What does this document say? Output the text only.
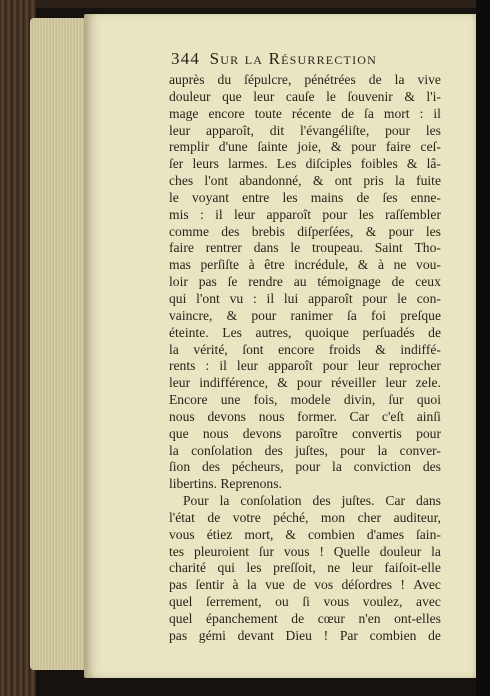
344 Sur la Résurrection
auprès du ſépulcre, pénétrées de la vive
douleur que leur cauſe le ſouvenir & l'i-
mage encore toute récente de ſa mort : il
leur apparoît, dit l'évangéliſte, pour les
remplir d'une ſainte joie, & pour faire ceſ-
ſer leurs larmes. Les diſciples foibles & lâ-
ches l'ont abandonné, & ont pris la fuite
le voyant entre les mains de ſes enne-
mis : il leur apparoît pour les raſſembler
comme des brebis diſperſées, & pour les
faire rentrer dans le troupeau. Saint Tho-
mas perſiſte à être incrédule, & à ne vou-
loir pas ſe rendre au témoignage de ceux
qui l'ont vu : il lui apparoît pour le con-
vaincre, & pour ranimer ſa foi preſque
éteinte. Les autres, quoique perſuadés de
la vérité, ſont encore froids & indiffé-
rents : il leur apparoît pour leur reprocher
leur indifférence, & pour réveiller leur zele.
Encore une fois, modele divin, ſur quoi
nous devons nous former. Car c'eſt ainſi
que nous devons paroître convertis pour
la conſolation des juſtes, pour la conver-
ſion des pécheurs, pour la conviction des
libertins. Reprenons.
Pour la conſolation des juſtes. Car dans
l'état de votre péché, mon cher auditeur,
vous étiez mort, & combien d'ames ſain-
tes pleuroient ſur vous ! Quelle douleur la
charité qui les preſſoit, ne leur faiſoit-elle
pas ſentir à la vue de vos déſordres ! Avec
quel ſerrement, ou ſi vous voulez, avec
quel épanchement de cœur n'en ont-elles
pas gémi devant Dieu ! Par combien de
